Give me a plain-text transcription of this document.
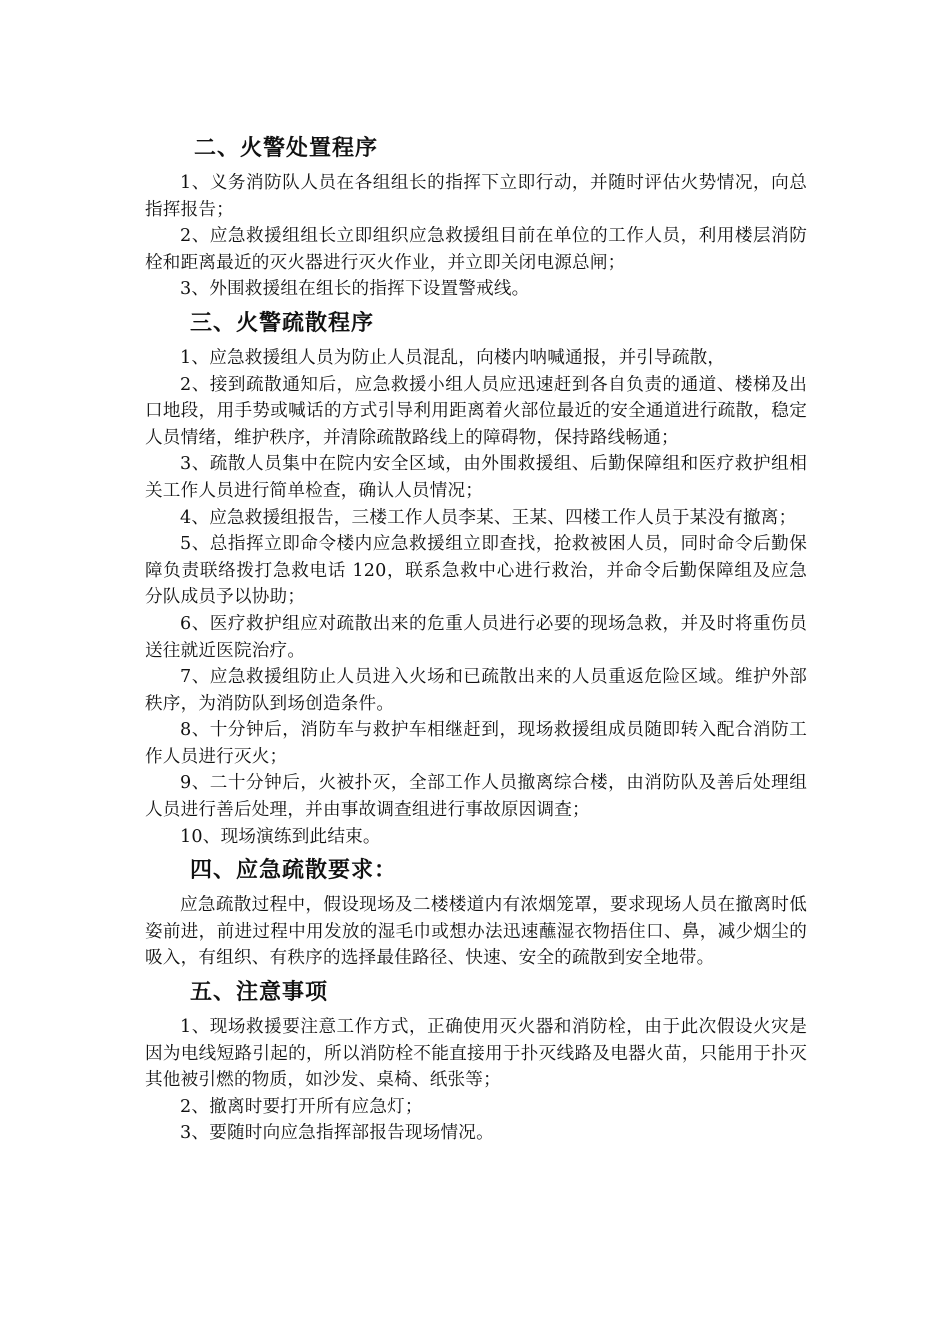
二、火警处置程序

1、义务消防队人员在各组组长的指挥下立即行动，并随时评估火势情况，向总指挥报告；

2、应急救援组组长立即组织应急救援组目前在单位的工作人员，利用楼层消防栓和距离最近的灭火器进行灭火作业，并立即关闭电源总闸；

3、外围救援组在组长的指挥下设置警戒线。

三、火警疏散程序

1、应急救援组人员为防止人员混乱，向楼内呐喊通报，并引导疏散，

2、接到疏散通知后，应急救援小组人员应迅速赶到各自负责的通道、楼梯及出口地段，用手势或喊话的方式引导利用距离着火部位最近的安全通道进行疏散，稳定人员情绪，维护秩序，并清除疏散路线上的障碍物，保持路线畅通；

3、疏散人员集中在院内安全区域，由外围救援组、后勤保障组和医疗救护组相关工作人员进行简单检查，确认人员情况；

4、应急救援组报告，三楼工作人员李某、王某、四楼工作人员于某没有撤离；

5、总指挥立即命令楼内应急救援组立即查找，抢救被困人员，同时命令后勤保障负责联络拨打急救电话 120，联系急救中心进行救治，并命令后勤保障组及应急分队成员予以协助；

6、医疗救护组应对疏散出来的危重人员进行必要的现场急救，并及时将重伤员送往就近医院治疗。

7、应急救援组防止人员进入火场和已疏散出来的人员重返危险区域。维护外部秩序，为消防队到场创造条件。

8、十分钟后，消防车与救护车相继赶到，现场救援组成员随即转入配合消防工作人员进行灭火；

9、二十分钟后，火被扑灭，全部工作人员撤离综合楼，由消防队及善后处理组人员进行善后处理，并由事故调查组进行事故原因调查；

10、现场演练到此结束。

四、应急疏散要求：

应急疏散过程中，假设现场及二楼楼道内有浓烟笼罩，要求现场人员在撤离时低姿前进，前进过程中用发放的湿毛巾或想办法迅速蘸湿衣物捂住口、鼻，减少烟尘的吸入，有组织、有秩序的选择最佳路径、快速、安全的疏散到安全地带。

五、注意事项

1、现场救援要注意工作方式，正确使用灭火器和消防栓，由于此次假设火灾是因为电线短路引起的，所以消防栓不能直接用于扑灭线路及电器火苗，只能用于扑灭其他被引燃的物质，如沙发、桌椅、纸张等；

2、撤离时要打开所有应急灯；

3、要随时向应急指挥部报告现场情况。
